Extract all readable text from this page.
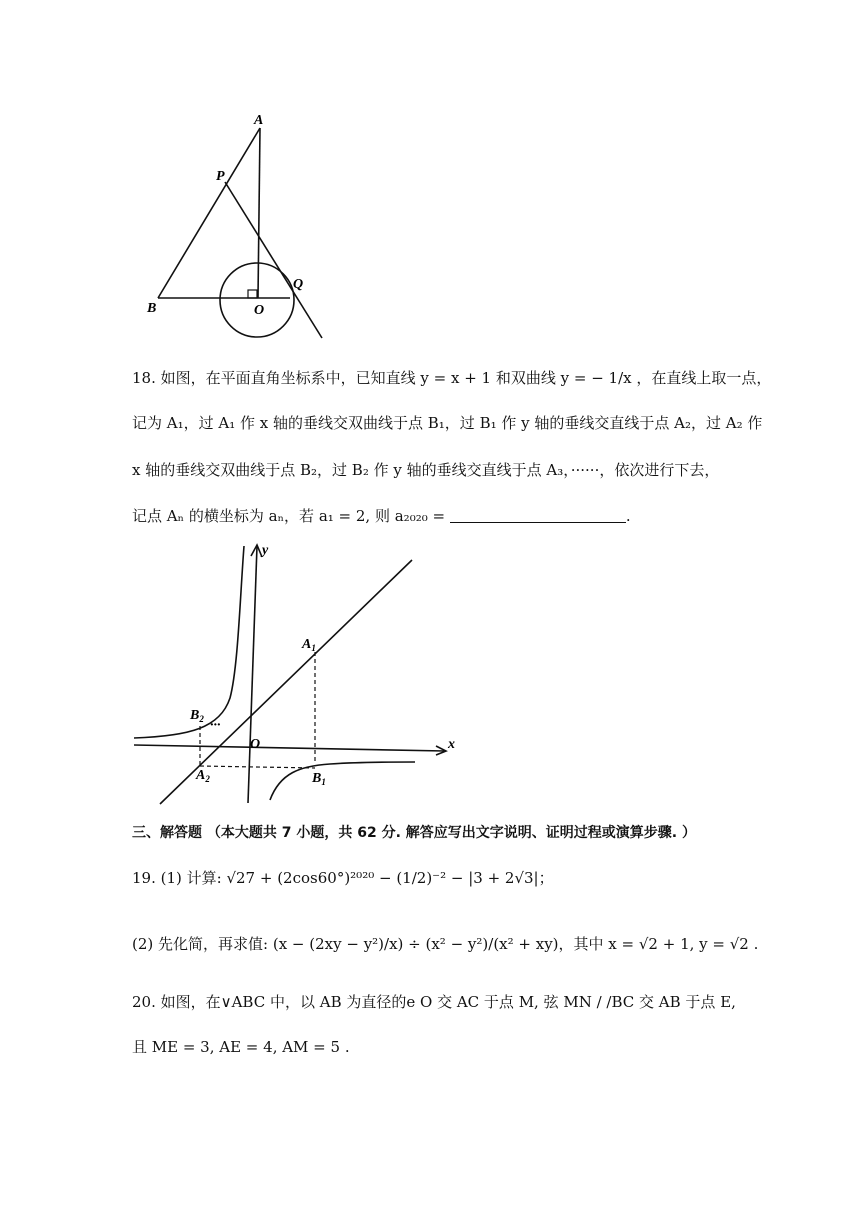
A
P
Q
B	O
18. 如图，在平面直角坐标系中，已知直线 y = x + 1 和双曲线 y = − 1/x ，在直线上取一点，
记为 A₁，过 A₁ 作 x 轴的垂线交双曲线于点 B₁，过 B₁ 作 y 轴的垂线交直线于点 A₂，过 A₂ 作
x 轴的垂线交双曲线于点 B₂，过 B₂ 作 y 轴的垂线交直线于点 A₃，······，依次进行下去，
记点 Aₙ 的横坐标为 aₙ，若 a₁ = 2, 则 a₂₀₂₀ =	.
y
x
O
$A_1$
$B_1$
$A_2$
$B_2$ ···
三、解答题 （本大题共 7 小题，共 62 分. 解答应写出文字说明、证明过程或演算步骤. ）
19. (1) 计算: √27 + (2cos60°)²⁰²⁰ − (1/2)⁻² − |3 + 2√3|；
(2) 先化简，再求值: (x − (2xy − y²)/x) ÷ (x² − y²)/(x² + xy)，其中 x = √2 + 1, y = √2 .
20. 如图，在∨ABC 中，以 AB 为直径的e O 交 AC 于点 M, 弦 MN / /BC 交 AB 于点 E,
且 ME = 3, AE = 4, AM = 5 .
